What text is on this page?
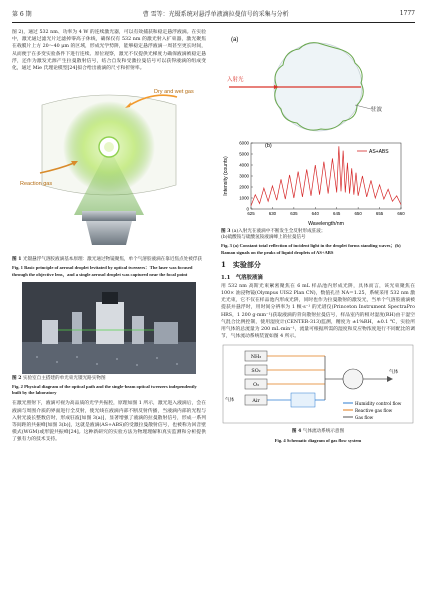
第 6 期	曹 雪等：光镊系统对悬浮单液滴拉曼信号的采集与分析	1777

图 2)，通过 532 nm、功率为 4 W 的连续激光器，可以有效捕获和稳定悬浮液滴。在实验中，激光通过滤光片过滤掉零高子休线，确保仅有 532 nm 的激光射入扩束器，激光聚焦在载膜片上方 20～40 μm 的区域，形成光学势阱，能够稳定悬浮液滴一周甚至更长时间，从而便于在多变实验条件下进行连续、原位观察，激光不仅提供光梯度力确保液滴被稳定悬浮，还作为激发光源产生拉曼散射信号，结合自发和受激拉曼信号可以获得液滴的组成变化，通过 Mie 氏理论模型[24]拟合给出液滴的尺寸和折射率。

Dry and wet gas
Reaction gas
图 1 光镊悬浮气溶胶液滴基本原理：激光通过物镜聚焦，单个气溶胶液滴在靠近焦点处被俘获
Fig. 1 Basic principle of aerosol droplet levitated by optical tweezers：The laser was focused through the objective lens，and a single aerosol droplet was captured near the focal point
图 2 实验室自主搭建的单光束光镊光路实物图
Fig. 2 Physical diagram of the optical path and the single-beam optical tweezers independently built by the laboratory

在激光照射下，液滴可视为高品质的光学共振腔，原理如图 1 所示，激光进入液滴后，会在液滴与周围介质的界面进行全反射，使光线在液滴内部不断反射传播，当液滴内部的光程与入射光波长整数倍时，形成驻波[如图 3(a)]，显著增强了液滴的拉曼散射信号，形成一系列等间距的共振峰[如图 3(b)]，这就是液滴(AS+ABS)的受激拉曼散射信号，也被称为回音壁模式(WGM)或形貌共振峰[24]。这种新研究的实验方法为物理理解和真实监测和分析提供了强有力的技术支持。

(a)
入射光
驻波
(b)
0
1000
2000
3000
4000
5000
6000
625	630	635	640	645	650	655	660
AS+ABS
Wavelength/nm
Intensity (counts)
图 3 (a)入射光在液滴中不断发生全反射形成驻波；
(b)硫酸铵与硫酸氢铵液滴峰上的拉曼信号
Fig. 3 (a) Constant total reflection of incident light in the droplet forms standing waves；(b) Raman signals on the peaks of liquid droplets of AS+ABS
1　实验部分
1.1　气溶胶液滴

用 532 nm 高斯光束紧密聚焦在 6 mL 样品池内形成光阱，具体而言，该光束聚焦在 100× 油浸物镜(Olympus UIS2 Plan CN)，数值孔径 NA＝1.25，系统采用 532 nm 激光光束，它不仅在样品池内形成光阱，同时也作为拉曼散射的激发光，当单个气溶胶液滴被提获并悬浮时，用时间分辨率为 1 帧·s⁻¹ 的光谱仪(Princeton Instrument SpectraPro HRS，1 200 g·mm⁻¹)获取液滴的背向散射拉曼信号，样品室内的相对湿度(RH)由干湿空气混合比例控制，使用湿度计(CENTER-313)监测，精度为 ±1%RH，±0.1 ℃，实验所用气体的总流量为 200 mL·min⁻¹，流量可根据所需的湿度和反应物浓度进行不同配比的调节，气体流动系统装置如图 4 所示。

NH₃
SO₂
O₃
Air
气体
气体
Humidity control flow
Reactive gas flow
Gas flow
图 4 气体流动系统示意图
Fig. 4 Schematic diagram of gas flow system
